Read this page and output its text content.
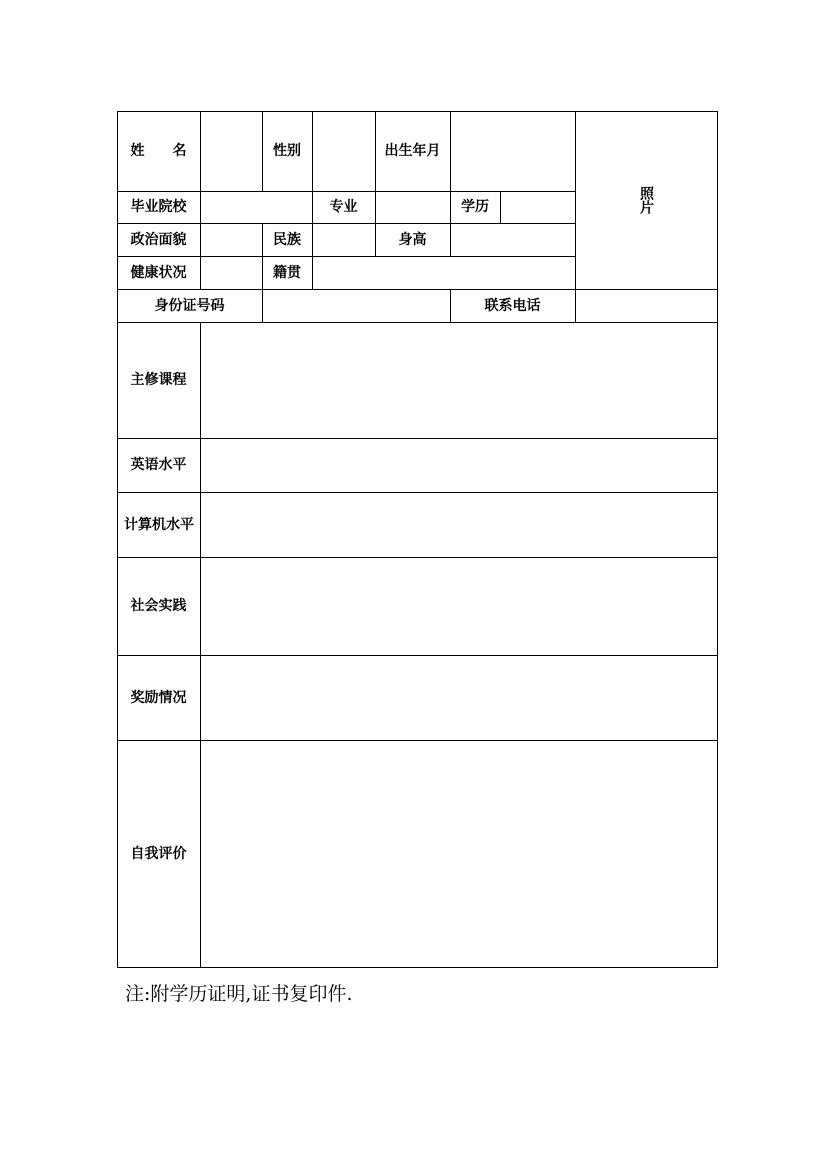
姓　　名	性别	出生年月
照片
毕业院校	专业	学历
政治面貌	民族	身高
健康状况	籍贯
身份证号码	联系电话
主修课程
英语水平
计算机水平
社会实践
奖励情况
自我评价
注:附学历证明,证书复印件.
